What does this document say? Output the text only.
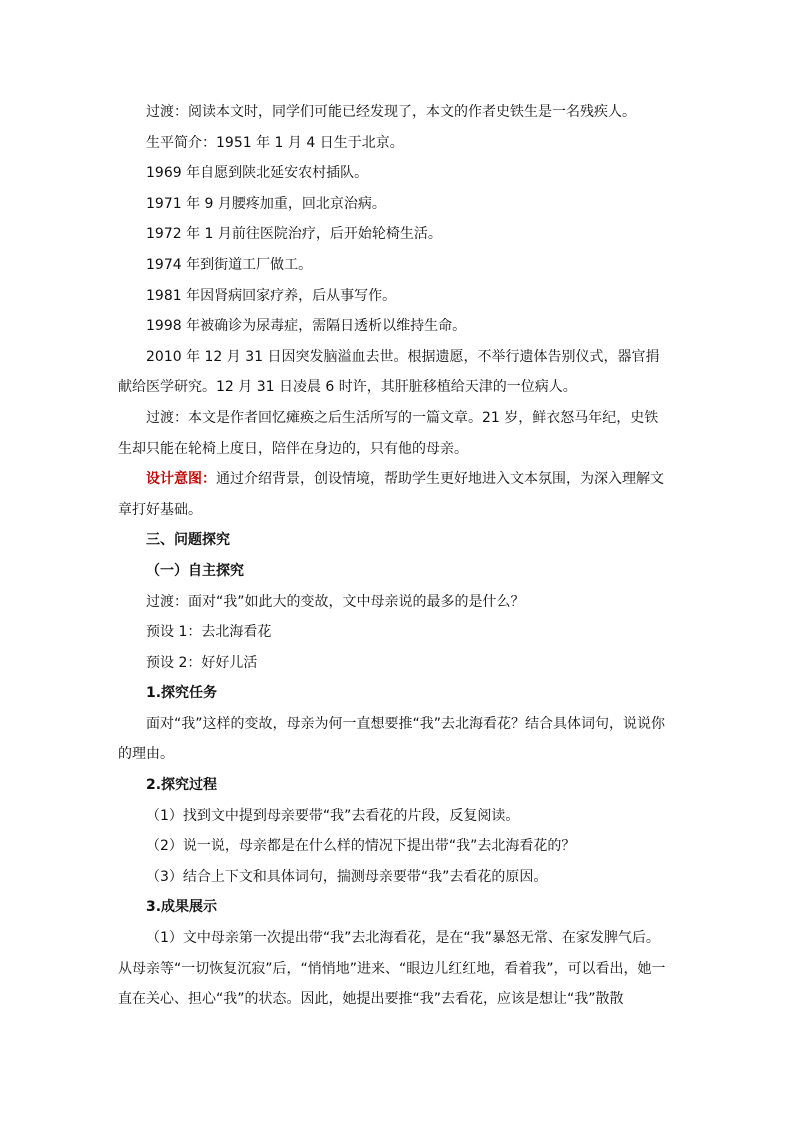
过渡：阅读本文时，同学们可能已经发现了，本文的作者史铁生是一名残疾人。

生平简介：1951 年 1 月 4 日生于北京。

1969 年自愿到陕北延安农村插队。

1971 年 9 月腰疼加重，回北京治病。

1972 年 1 月前往医院治疗，后开始轮椅生活。

1974 年到街道工厂做工。

1981 年因肾病回家疗养，后从事写作。

1998 年被确诊为尿毒症，需隔日透析以维持生命。

2010 年 12 月 31 日因突发脑溢血去世。根据遗愿，不举行遗体告别仪式，器官捐献给医学研究。12 月 31 日凌晨 6 时许，其肝脏移植给天津的一位病人。

过渡：本文是作者回忆瘫痪之后生活所写的一篇文章。21 岁，鲜衣怒马年纪，史铁生却只能在轮椅上度日，陪伴在身边的，只有他的母亲。

设计意图：通过介绍背景，创设情境，帮助学生更好地进入文本氛围，为深入理解文章打好基础。

三、问题探究

（一）自主探究

过渡：面对“我”如此大的变故，文中母亲说的最多的是什么？

预设 1：去北海看花

预设 2：好好儿活

1.探究任务

面对“我”这样的变故，母亲为何一直想要推“我”去北海看花？结合具体词句，说说你的理由。

2.探究过程

（1）找到文中提到母亲要带“我”去看花的片段，反复阅读。

（2）说一说，母亲都是在什么样的情况下提出带“我”去北海看花的？

（3）结合上下文和具体词句，揣测母亲要带“我”去看花的原因。

3.成果展示

（1）文中母亲第一次提出带“我”去北海看花，是在“我”暴怒无常、在家发脾气后。从母亲等“一切恢复沉寂”后，“悄悄地”进来、“眼边儿红红地，看着我”，可以看出，她一直在关心、担心“我”的状态。因此，她提出要推“我”去看花，应该是想让“我”散散
